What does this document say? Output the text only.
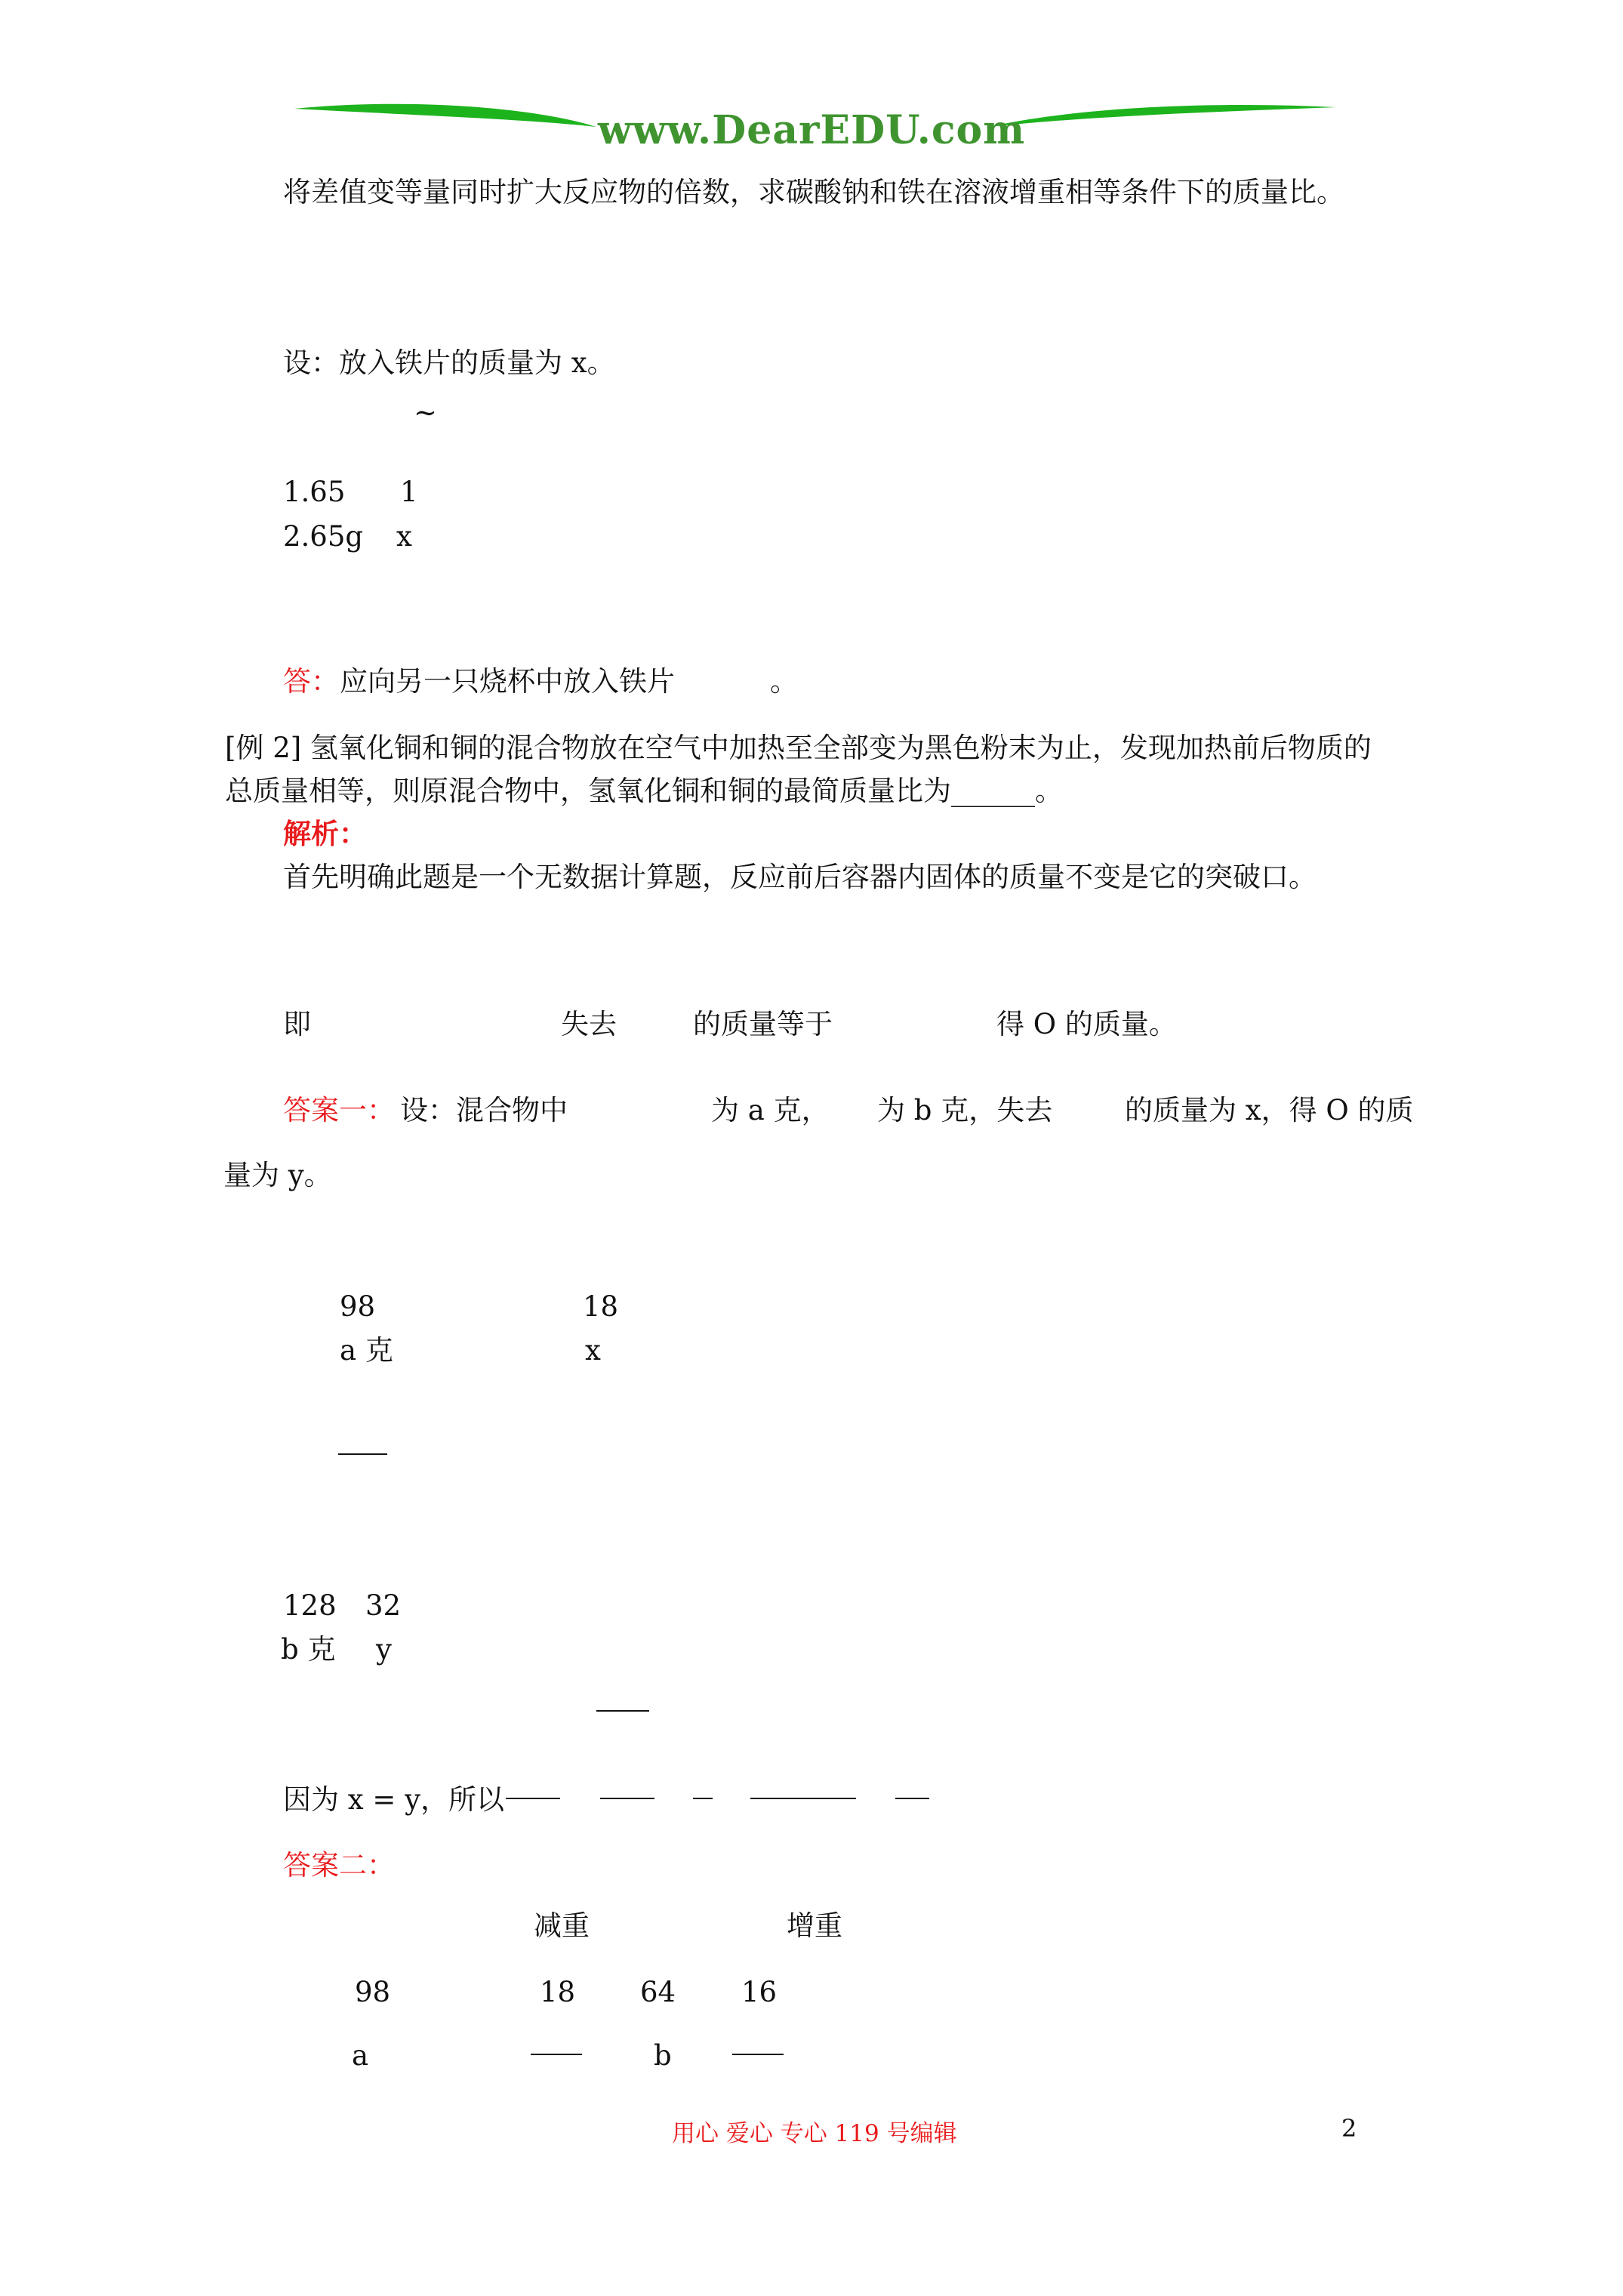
www.DearEDU.com
将差值变等量同时扩大反应物的倍数，求碳酸钠和铁在溶液增重相等条件下的质量比。
设：放入铁片的质量为 x。
~
1.65 1
2.65g x
答： 应向另一只烧杯中放入铁片	。
[例 2] 氢氧化铜和铜的混合物放在空气中加热至全部变为黑色粉末为止，发现加热前后物质的
总质量相等，则原混合物中，氢氧化铜和铜的最简质量比为______。
解析：
首先明确此题是一个无数据计算题，反应前后容器内固体的质量不变是它的突破口。
即	失去	的质量等于	得 O 的质量。
答案一： 设：混合物中	为 a 克， 为 b 克，失去	的质量为 x，得 O 的质
量为 y。
98	18
a 克	x
128 32
b 克 y
因为 x = y，所以
答案二：
减重	增重
98	18 64 16
a	b
用心 爱心 专心 119 号编辑	2
